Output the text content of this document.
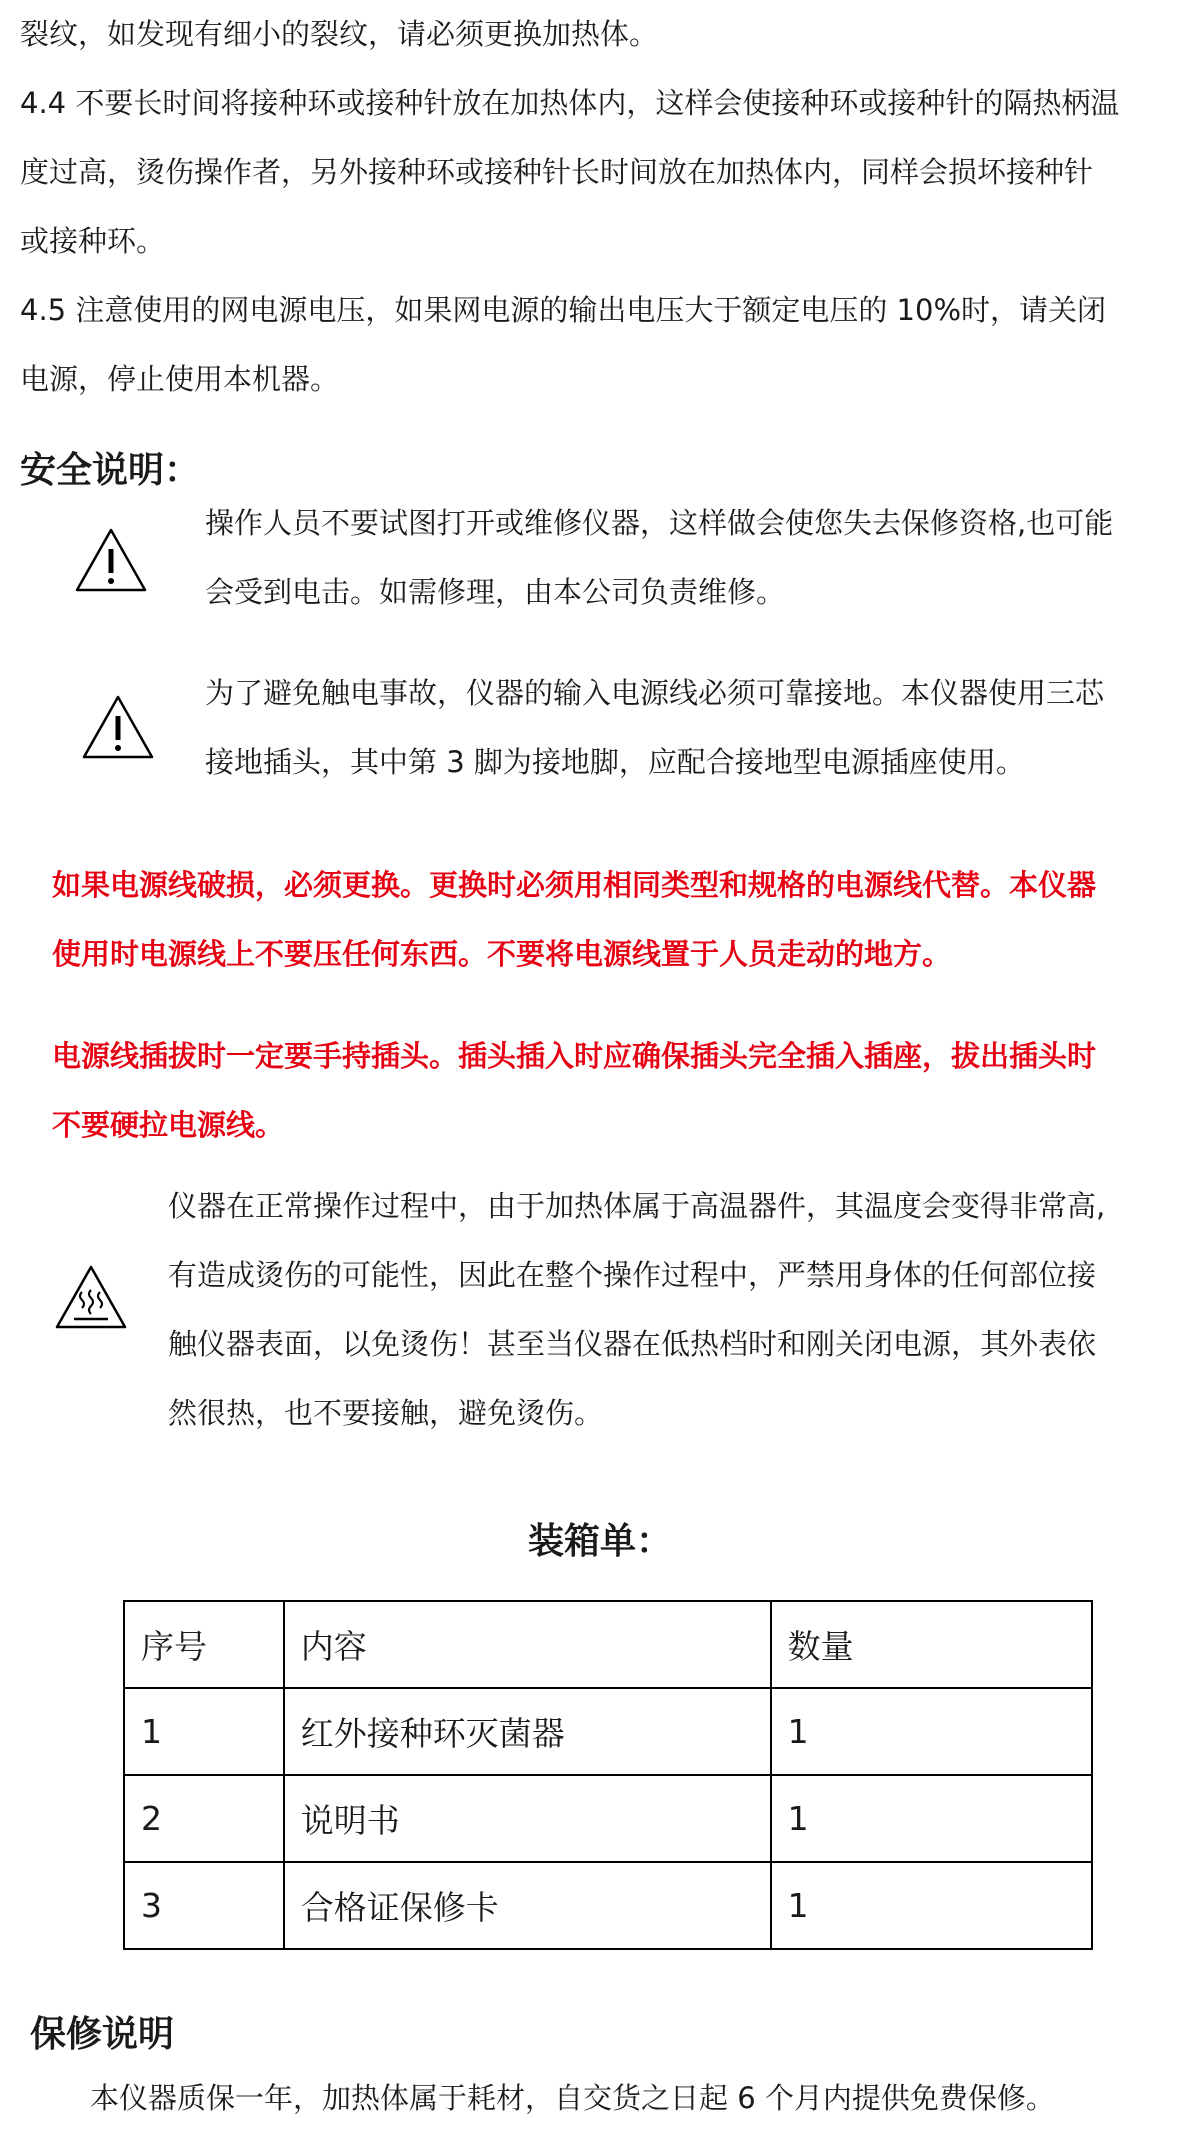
裂纹，如发现有细小的裂纹，请必须更换加热体。

4.4 不要长时间将接种环或接种针放在加热体内，这样会使接种环或接种针的隔热柄温

度过高，烫伤操作者，另外接种环或接种针长时间放在加热体内，同样会损坏接种针

或接种环。

4.5 注意使用的网电源电压，如果网电源的输出电压大于额定电压的 10%时，请关闭

电源，停止使用本机器。

安全说明：

操作人员不要试图打开或维修仪器，这样做会使您失去保修资格,也可能

会受到电击。如需修理，由本公司负责维修。

为了避免触电事故，仪器的输入电源线必须可靠接地。本仪器使用三芯

接地插头，其中第 3 脚为接地脚，应配合接地型电源插座使用。

如果电源线破损，必须更换。更换时必须用相同类型和规格的电源线代替。本仪器

使用时电源线上不要压任何东西。不要将电源线置于人员走动的地方。

电源线插拔时一定要手持插头。插头插入时应确保插头完全插入插座，拔出插头时

不要硬拉电源线。

仪器在正常操作过程中，由于加热体属于高温器件，其温度会变得非常高,

有造成烫伤的可能性，因此在整个操作过程中，严禁用身体的任何部位接

触仪器表面，以免烫伤！甚至当仪器在低热档时和刚关闭电源，其外表依

然很热，也不要接触，避免烫伤。

装箱单：
序号	内容	数量
1	红外接种环灭菌器	1
2	说明书	1
3	合格证保修卡	1
保修说明

本仪器质保一年，加热体属于耗材，自交货之日起 6 个月内提供免费保修。
